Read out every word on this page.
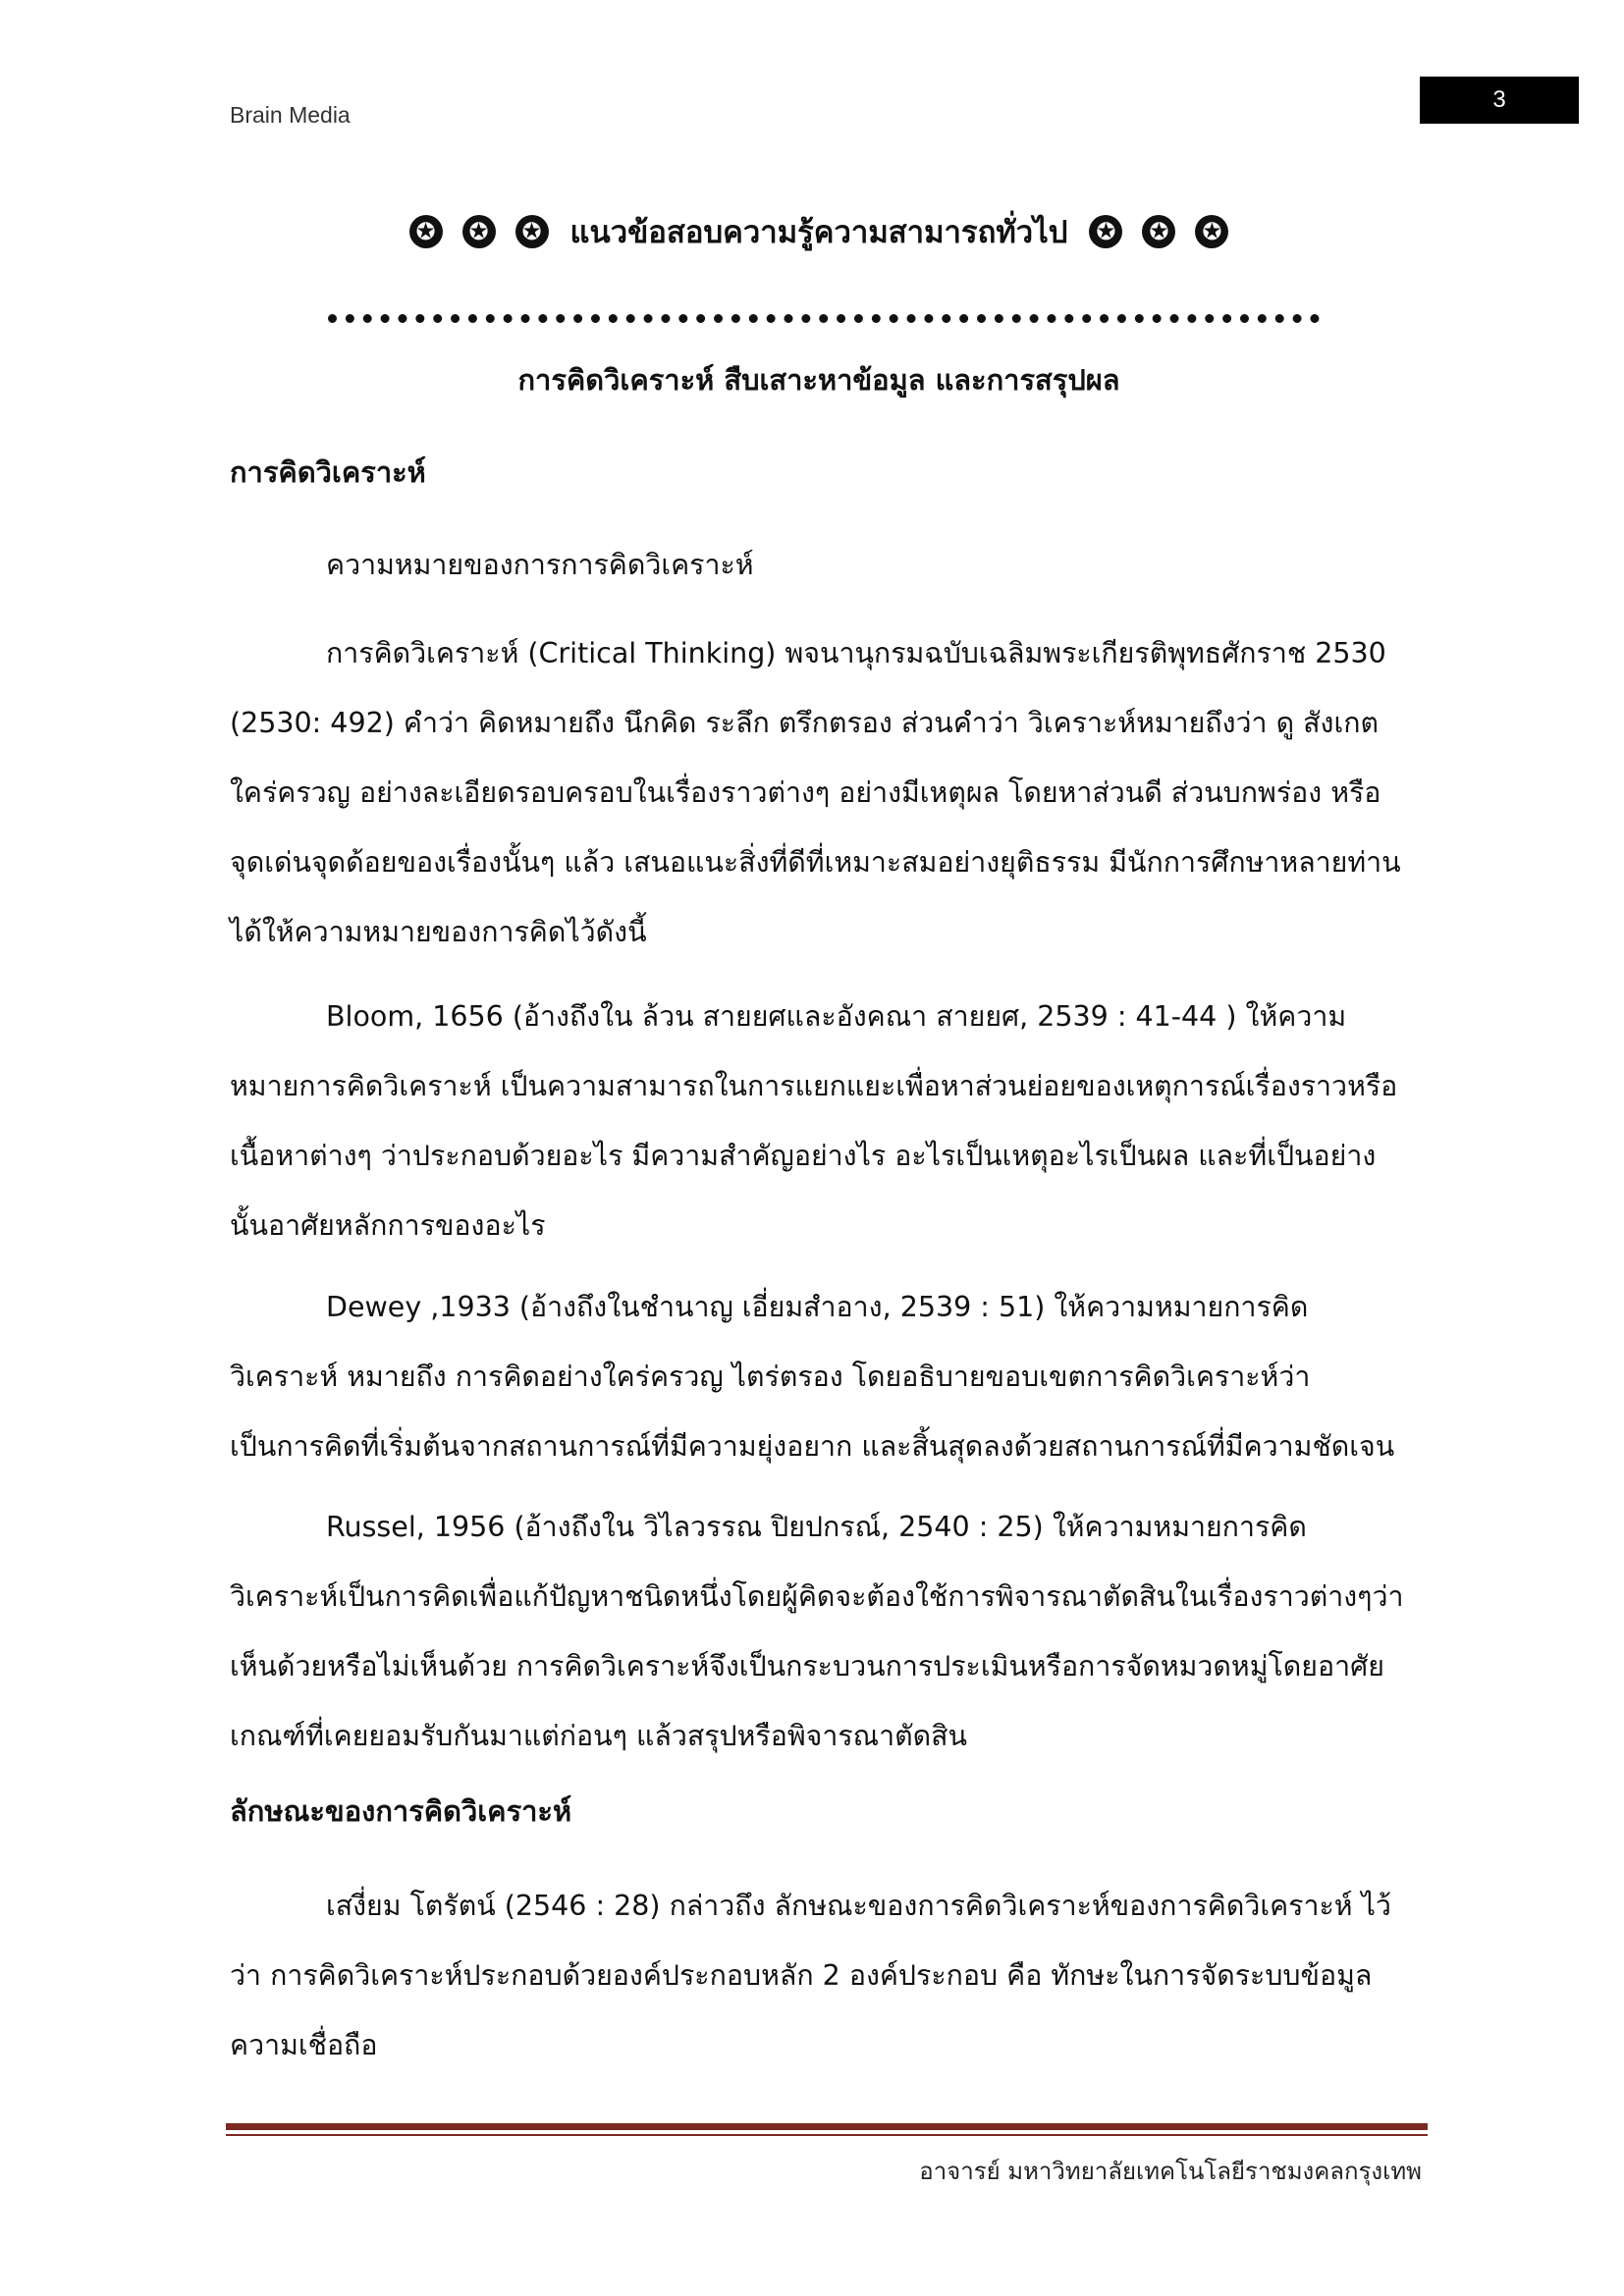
Brain Media
3
✪ ✪ ✪ แนวข้อสอบความรู้ความสามารถทั่วไป ✪ ✪ ✪
การคิดวิเคราะห์ สืบเสาะหาข้อมูล และการสรุปผล
การคิดวิเคราะห์
ความหมายของการการคิดวิเคราะห์

การคิดวิเคราะห์ (Critical Thinking) พจนานุกรมฉบับเฉลิมพระเกียรติพุทธศักราช 2530 (2530: 492) คำว่า คิดหมายถึง นึกคิด ระลึก ตรึกตรอง ส่วนคำว่า วิเคราะห์หมายถึงว่า ดู สังเกต ใคร่ครวญ อย่างละเอียดรอบครอบในเรื่องราวต่างๆ อย่างมีเหตุผล โดยหาส่วนดี ส่วนบกพร่อง หรือจุดเด่นจุดด้อยของเรื่องนั้นๆ แล้ว เสนอแนะสิ่งที่ดีที่เหมาะสมอย่างยุติธรรม มีนักการศึกษาหลายท่านได้ให้ความหมายของการคิดไว้ดังนี้

Bloom, 1656 (อ้างถึงใน ล้วน สายยศและอังคณา สายยศ, 2539 : 41-44 ) ให้ความหมายการคิดวิเคราะห์ เป็นความสามารถในการแยกแยะเพื่อหาส่วนย่อยของเหตุการณ์เรื่องราวหรือเนื้อหาต่างๆ ว่าประกอบด้วยอะไร มีความสำคัญอย่างไร อะไรเป็นเหตุอะไรเป็นผล และที่เป็นอย่างนั้นอาศัยหลักการของอะไร

Dewey ,1933 (อ้างถึงในชำนาญ เอี่ยมสำอาง, 2539 : 51) ให้ความหมายการคิดวิเคราะห์ หมายถึง การคิดอย่างใคร่ครวญ ไตร่ตรอง โดยอธิบายขอบเขตการคิดวิเคราะห์ว่าเป็นการคิดที่เริ่มต้นจากสถานการณ์ที่มีความยุ่งอยาก และสิ้นสุดลงด้วยสถานการณ์ที่มีความชัดเจน

Russel, 1956 (อ้างถึงใน วิไลวรรณ ปิยปกรณ์, 2540 : 25) ให้ความหมายการคิดวิเคราะห์เป็นการคิดเพื่อแก้ปัญหาชนิดหนึ่งโดยผู้คิดจะต้องใช้การพิจารณาตัดสินในเรื่องราวต่างๆว่าเห็นด้วยหรือไม่เห็นด้วย การคิดวิเคราะห์จึงเป็นกระบวนการประเมินหรือการจัดหมวดหมู่โดยอาศัยเกณฑ์ที่เคยยอมรับกันมาแต่ก่อนๆ แล้วสรุปหรือพิจารณาตัดสิน

ลักษณะของการคิดวิเคราะห์

เสงี่ยม โตรัตน์ (2546 : 28) กล่าวถึง ลักษณะของการคิดวิเคราะห์ของการคิดวิเคราะห์ ไว้ว่า การคิดวิเคราะห์ประกอบด้วยองค์ประกอบหลัก 2 องค์ประกอบ คือ ทักษะในการจัดระบบข้อมูล ความเชื่อถือ

อาจารย์ มหาวิทยาลัยเทคโนโลยีราชมงคลกรุงเทพ
